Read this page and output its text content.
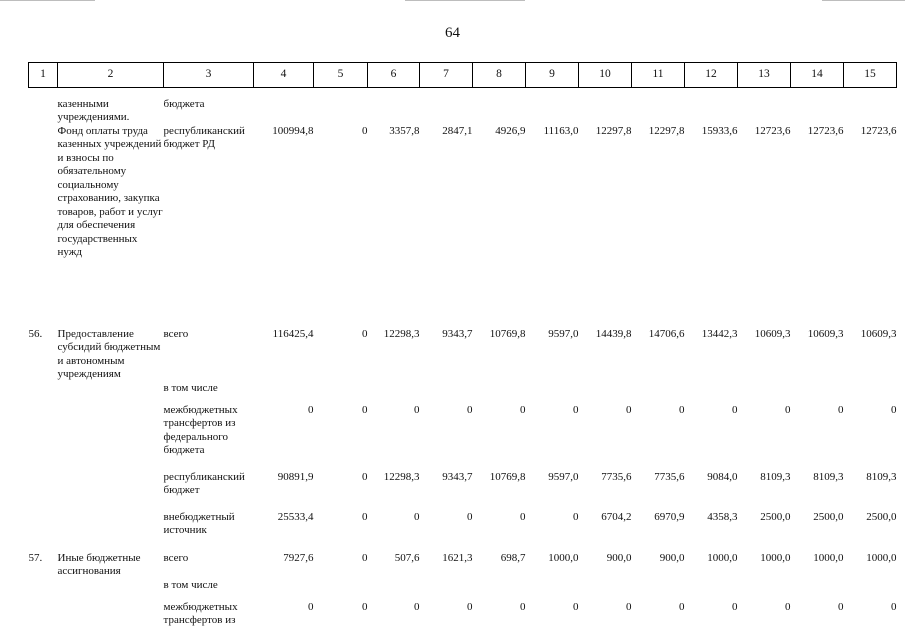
64
1	2	3	4	5	6	7	8	9	10	11	12	13	14	15

	казенными учреждениями.	бюджета												
	Фонд оплаты труда казенных учреждений и взносы по обязательному социальному страхованию, закупка товаров, работ и услуг для обеспечения государственных нужд	республиканский бюджет РД	100994,8	0	3357,8	2847,1	4926,9	11163,0	12297,8	12297,8	15933,6	12723,6	12723,6	12723,6
56.	Предоставление субсидий бюджетным и автономным учреждениям	всего	116425,4	0	12298,3	9343,7	10769,8	9597,0	14439,8	14706,6	13442,3	10609,3	10609,3	10609,3
		в том числе												
		межбюджетных трансфертов из федерального бюджета	0	0	0	0	0	0	0	0	0	0	0	0
		республиканский бюджет	90891,9	0	12298,3	9343,7	10769,8	9597,0	7735,6	7735,6	9084,0	8109,3	8109,3	8109,3
		внебюджетный источник	25533,4	0	0	0	0	0	6704,2	6970,9	4358,3	2500,0	2500,0	2500,0
57.	Иные бюджетные ассигнования	всего	7927,6	0	507,6	1621,3	698,7	1000,0	900,0	900,0	1000,0	1000,0	1000,0	1000,0
		в том числе												
		межбюджетных трансфертов из	0	0	0	0	0	0	0	0	0	0	0	0
